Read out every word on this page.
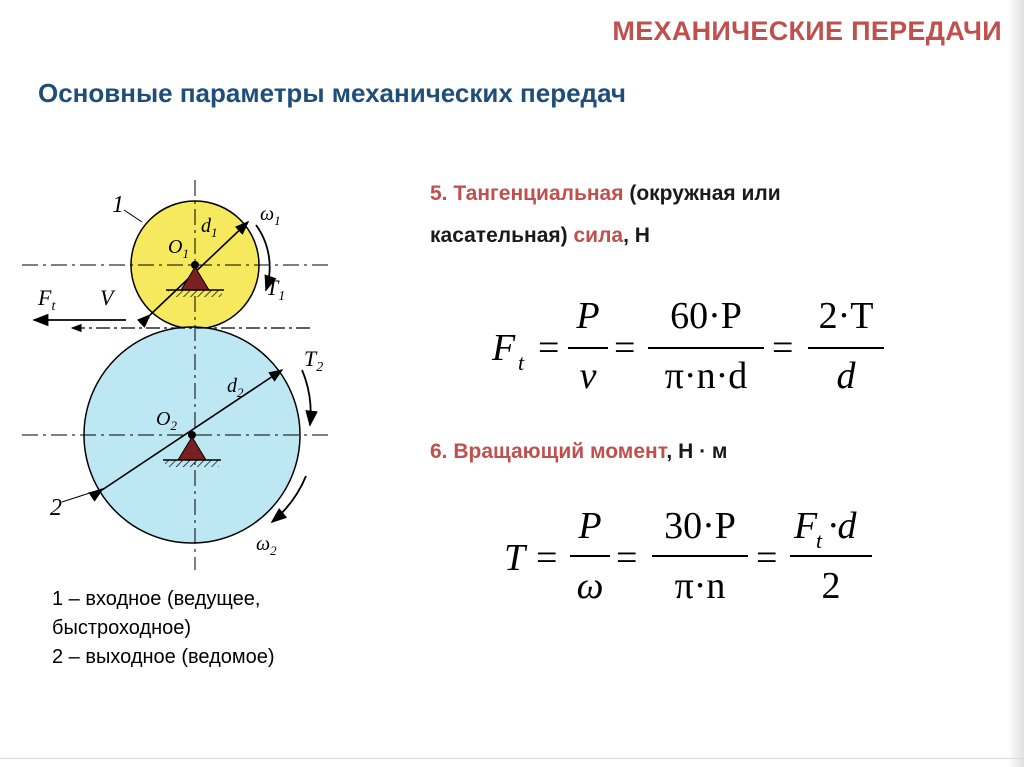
МЕХАНИЧЕСКИЕ ПЕРЕДАЧИ
Основные параметры механических передач
1
2
$O_1$
$O_2$
$d_1$
$d_2$
$\omega_1$
$\omega_2$
$T_1$
$T_2$
$F_t$ V
1 – входное (ведущее,
быстроходное)
2 – выходное (ведомое)
5. Тангенциальная (окружная или
касательная) сила, Н
F t =
P
v
=
60·P
π·n·d
=
2·T
d
6. Вращающий момент, Н · м
T =
P
ω
=
30·P
π·n
=
F
t ·d
2
